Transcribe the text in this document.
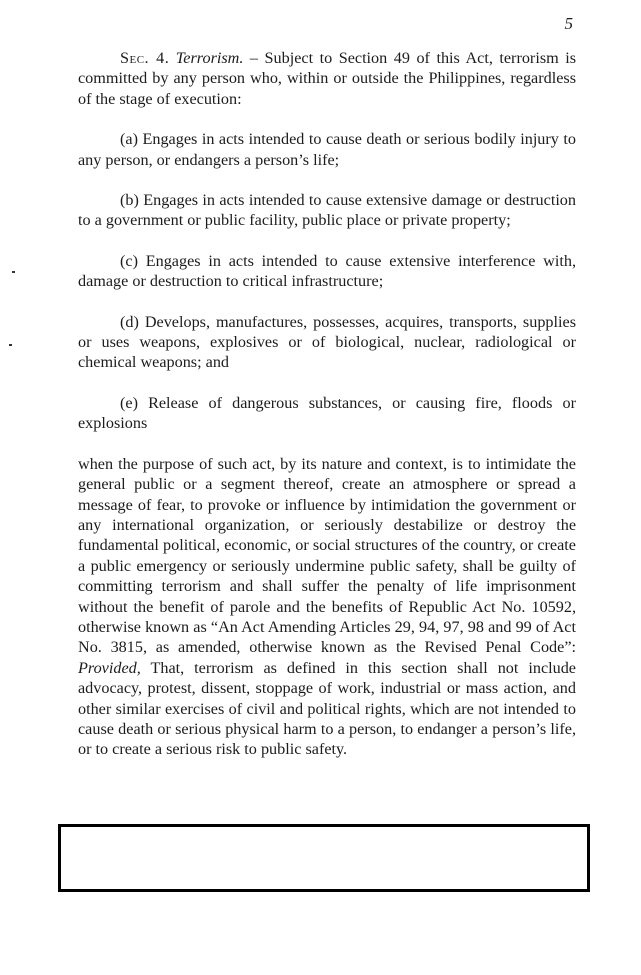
5

Sec. 4. Terrorism. – Subject to Section 49 of this Act, terrorism is committed by any person who, within or outside the Philippines, regardless of the stage of execution:

(a) Engages in acts intended to cause death or serious bodily injury to any person, or endangers a person’s life;

(b) Engages in acts intended to cause extensive damage or destruction to a government or public facility, public place or private property;

(c) Engages in acts intended to cause extensive interference with, damage or destruction to critical infrastructure;

(d) Develops, manufactures, possesses, acquires, transports, supplies or uses weapons, explosives or of biological, nuclear, radiological or chemical weapons; and

(e) Release of dangerous substances, or causing fire, floods or explosions

when the purpose of such act, by its nature and context, is to intimidate the general public or a segment thereof, create an atmosphere or spread a message of fear, to provoke or influence by intimidation the government or any international organization, or seriously destabilize or destroy the fundamental political, economic, or social structures of the country, or create a public emergency or seriously undermine public safety, shall be guilty of committing terrorism and shall suffer the penalty of life imprisonment without the benefit of parole and the benefits of Republic Act No. 10592, otherwise known as “An Act Amending Articles 29, 94, 97, 98 and 99 of Act No. 3815, as amended, otherwise known as the Revised Penal Code”: Provided, That, terrorism as defined in this section shall not include advocacy, protest, dissent, stoppage of work, industrial or mass action, and other similar exercises of civil and political rights, which are not intended to cause death or serious physical harm to a person, to endanger a person’s life, or to create a serious risk to public safety.
